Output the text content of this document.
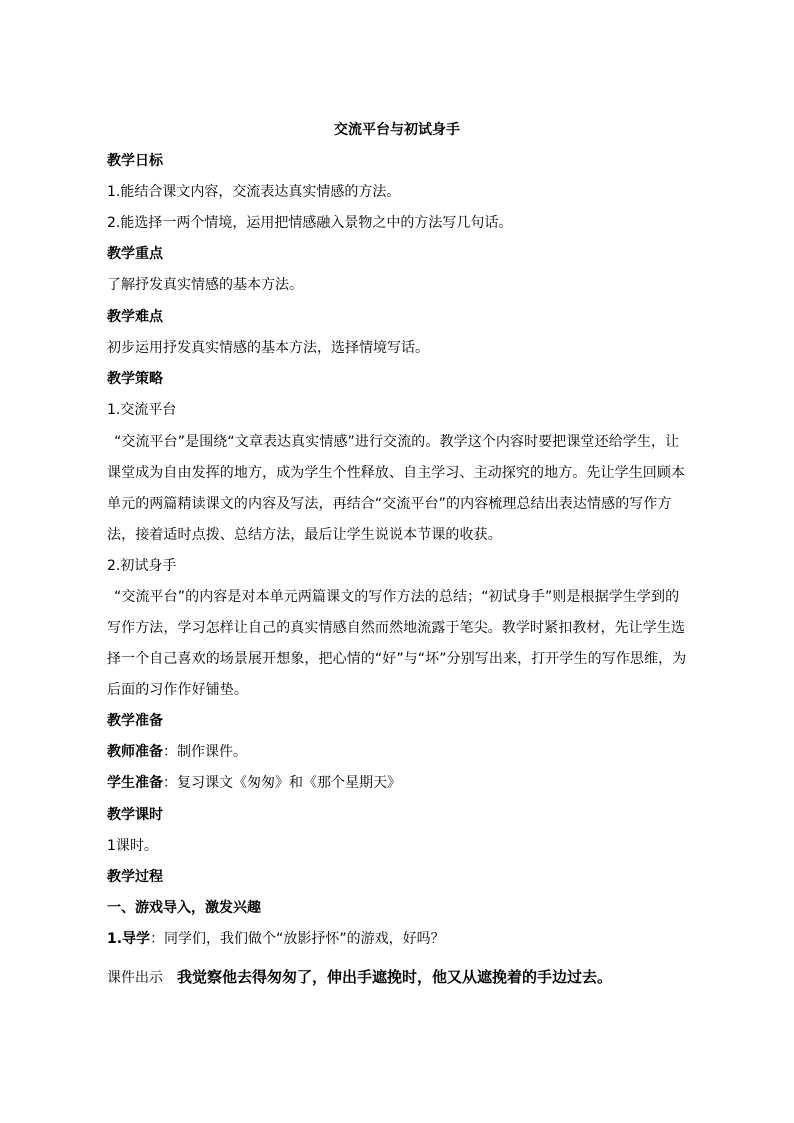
交流平台与初试身手
教学日标
1.能结合课文内容，交流表达真实情感的方法。
2.能选择一两个情境，运用把情感融入景物之中的方法写几句话。
教学重点
了解抒发真实情感的基本方法。
教学难点
初步运用抒发真实情感的基本方法，选择情境写话。
教学策略
1.交流平台
“交流平台”是围绕“文章表达真实情感”进行交流的。教学这个内容时要把课堂还给学生，让课堂成为自由发挥的地方，成为学生个性释放、自主学习、主动探究的地方。先让学生回顾本单元的两篇精读课文的内容及写法，再结合“交流平台”的内容梳理总结出表达情感的写作方法，接着适时点拨、总结方法，最后让学生说说本节课的收获。
2.初试身手
“交流平台”的内容是对本单元两篇课文的写作方法的总结；“初试身手”则是根据学生学到的写作方法，学习怎样让自己的真实情感自然而然地流露于笔尖。教学时紧扣教材，先让学生选择一个自己喜欢的场景展开想象，把心情的“好”与“坏”分别写出来，打开学生的写作思维，为后面的习作作好铺垫。
教学准备
教师准备：制作课件。
学生准备：复习课文《匆匆》和《那个星期天》
教学课时
1课时。
教学过程
一、游戏导入，激发兴趣
1.导学：同学们，我们做个“放影抒怀”的游戏，好吗？
课件出示 我觉察他去得匆匆了，伸出手遮挽时，他又从遮挽着的手边过去。
